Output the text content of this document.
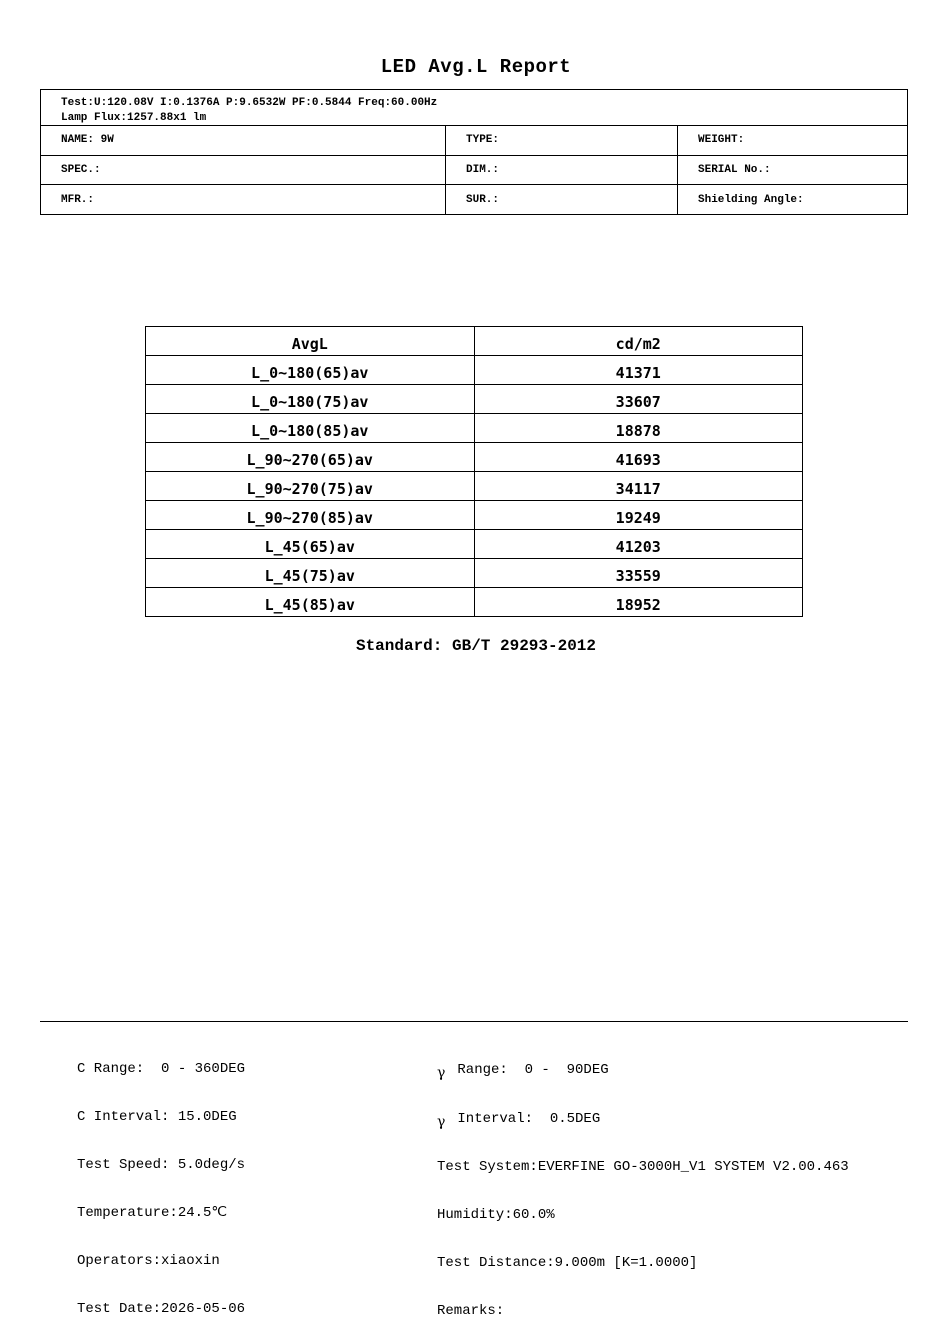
LED Avg.L Report
Test:U:120.08V I:0.1376A P:9.6532W PF:0.5844 Freq:60.00Hz
Lamp Flux:1257.88x1 lm
NAME: 9W	TYPE:	WEIGHT:
SPEC.:	DIM.:	SERIAL No.:
MFR.:	SUR.:	Shielding Angle:
AvgL	cd/m2
L_0~180(65)av	41371
L_0~180(75)av	33607
L_0~180(85)av	18878
L_90~270(65)av	41693
L_90~270(75)av	34117
L_90~270(85)av	19249
L_45(65)av	41203
L_45(75)av	33559
L_45(85)av	18952
Standard: GB/T 29293-2012

C Range:  0 - 360DEG

C Interval: 15.0DEG

Test Speed: 5.0deg/s

Temperature:24.5℃

Operators:xiaoxin

Test Date:2026-05-06

γ Range:  0 -  90DEG

γ Interval:  0.5DEG

Test System:EVERFINE GO-3000H_V1 SYSTEM V2.00.463

Humidity:60.0%

Test Distance:9.000m [K=1.0000]

Remarks:
